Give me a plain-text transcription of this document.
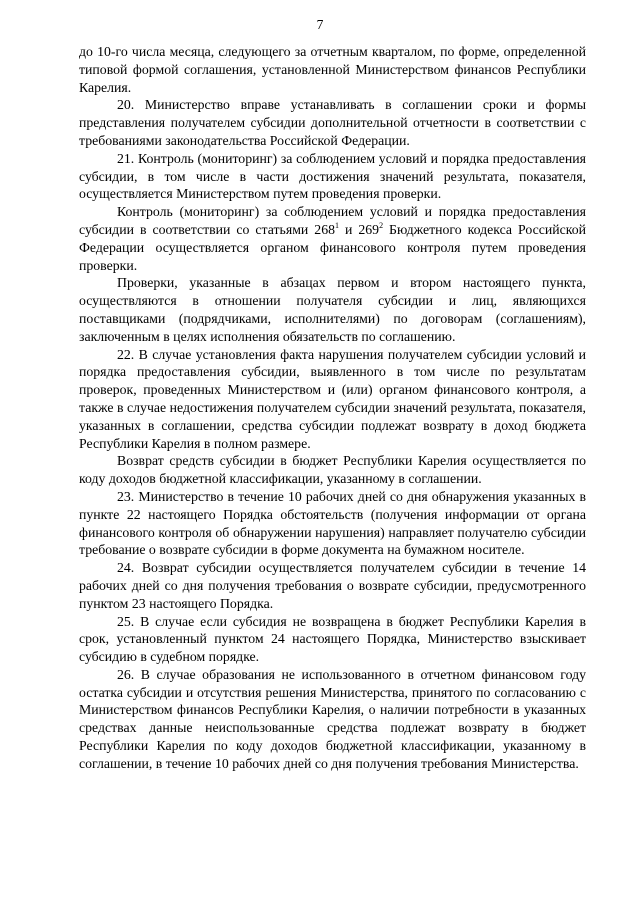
7

до 10-го числа месяца, следующего за отчетным кварталом, по форме, определенной типовой формой соглашения, установленной Министерством финансов Республики Карелия.

20. Министерство вправе устанавливать в соглашении сроки и формы представления получателем субсидии дополнительной отчетности в соответствии с требованиями законодательства Российской Федерации.

21. Контроль (мониторинг) за соблюдением условий и порядка предоставления субсидии, в том числе в части достижения значений результата, показателя, осуществляется Министерством путем проведения проверки.

Контроль (мониторинг) за соблюдением условий и порядка предоставления субсидии в соответствии со статьями $268^1$ и $269^2$ Бюджетного кодекса Российской Федерации осуществляется органом финансового контроля путем проведения проверки.

Проверки, указанные в абзацах первом и втором настоящего пункта, осуществляются в отношении получателя субсидии и лиц, являющихся поставщиками (подрядчиками, исполнителями) по договорам (соглашениям), заключенным в целях исполнения обязательств по соглашению.

22. В случае установления факта нарушения получателем субсидии условий и порядка предоставления субсидии, выявленного в том числе по результатам проверок, проведенных Министерством и (или) органом финансового контроля, а также в случае недостижения получателем субсидии значений результата, показателя, указанных в соглашении, средства субсидии подлежат возврату в доход бюджета Республики Карелия в полном размере.

Возврат средств субсидии в бюджет Республики Карелия осуществляется по коду доходов бюджетной классификации, указанному в соглашении.

23. Министерство в течение 10 рабочих дней со дня обнаружения указанных в пункте 22 настоящего Порядка обстоятельств (получения информации от органа финансового контроля об обнаружении нарушения) направляет получателю субсидии требование о возврате субсидии в форме документа на бумажном носителе.

24. Возврат субсидии осуществляется получателем субсидии в течение 14 рабочих дней со дня получения требования о возврате субсидии, предусмотренного пунктом 23 настоящего Порядка.

25. В случае если субсидия не возвращена в бюджет Республики Карелия в срок, установленный пунктом 24 настоящего Порядка, Министерство взыскивает субсидию в судебном порядке.

26. В случае образования не использованного в отчетном финансовом году остатка субсидии и отсутствия решения Министерства, принятого по согласованию с Министерством финансов Республики Карелия, о наличии потребности в указанных средствах данные неиспользованные средства подлежат возврату в бюджет Республики Карелия по коду доходов бюджетной классификации, указанному в соглашении, в течение 10 рабочих дней со дня получения требования Министерства.
